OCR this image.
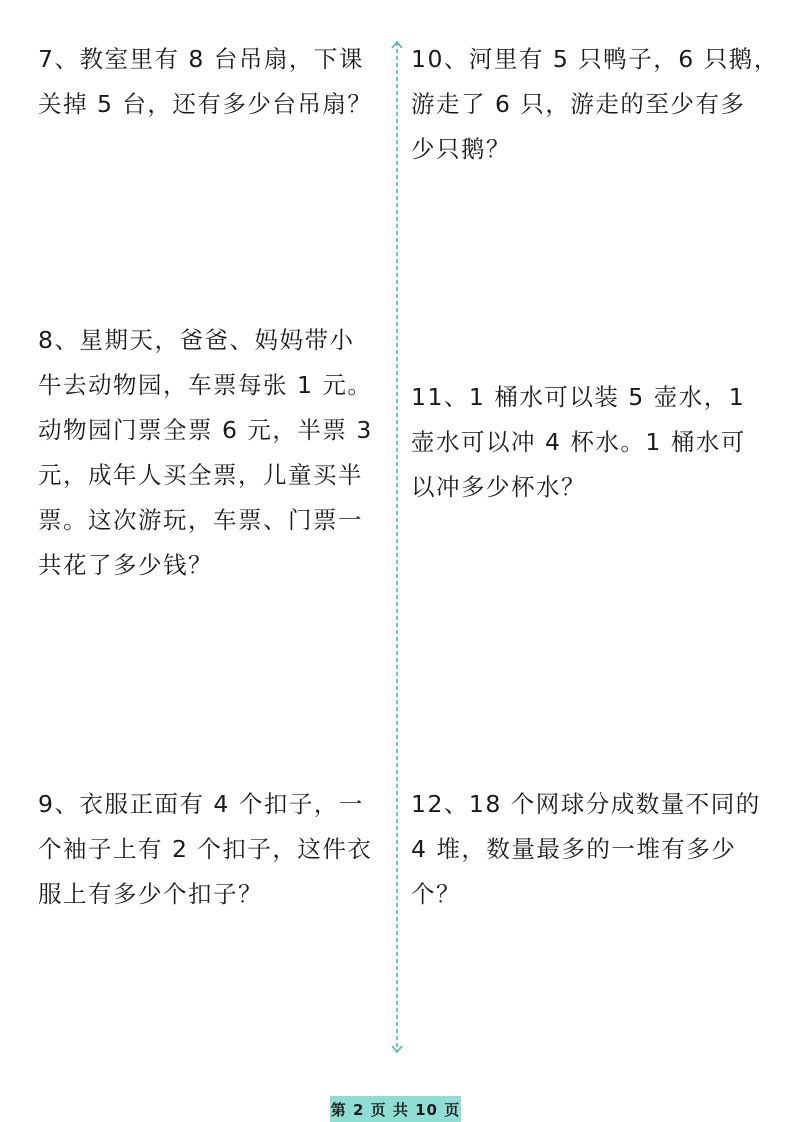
7、教室里有 8 台吊扇，下课
关掉 5 台，还有多少台吊扇？
8、星期天，爸爸、妈妈带小
牛去动物园，车票每张 1 元。
动物园门票全票 6 元，半票 3
元，成年人买全票，儿童买半
票。这次游玩，车票、门票一
共花了多少钱？
9、衣服正面有 4 个扣子，一
个袖子上有 2 个扣子，这件衣
服上有多少个扣子？
10、河里有 5 只鸭子，6 只鹅，
游走了 6 只，游走的至少有多
少只鹅？
11、1 桶水可以装 5 壶水，1
壶水可以冲 4 杯水。1 桶水可
以冲多少杯水？
12、18 个网球分成数量不同的
4 堆，数量最多的一堆有多少
个？
第 2 页 共 10 页
